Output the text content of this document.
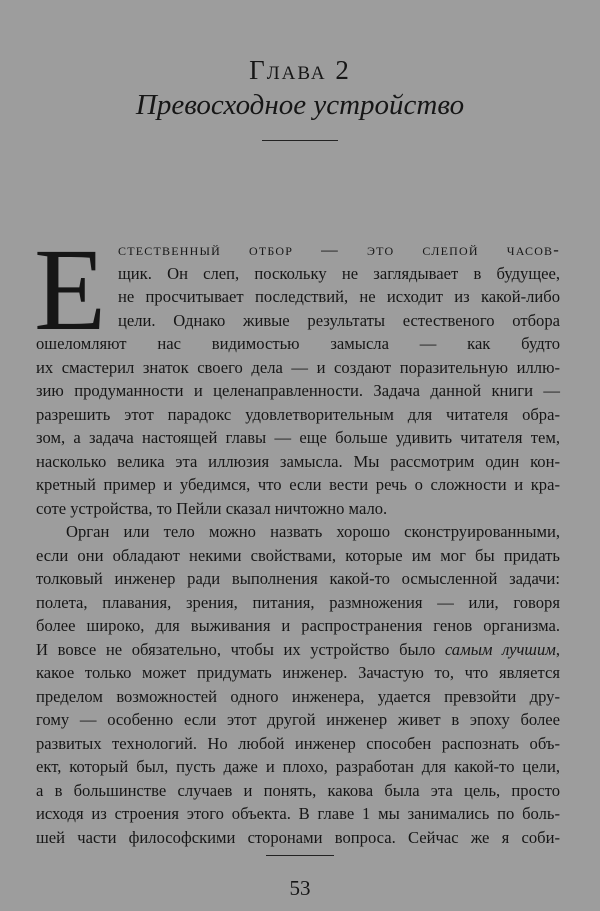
Глава 2
Превосходное устройство
Е стественный отбор — это слепой часов-
щик. Он слеп, поскольку не заглядывает в будущее,
не просчитывает последствий, не исходит из какой-либо
цели. Однако живые результаты естественого отбора
ошеломляют нас видимостью замысла — как будто
их смастерил знаток своего дела — и создают поразительную иллю-
зию продуманности и целенаправленности. Задача данной книги —
разрешить этот парадокс удовлетворительным для читателя обра-
зом, а задача настоящей главы — еще больше удивить читателя тем,
насколько велика эта иллюзия замысла. Мы рассмотрим один кон-
кретный пример и убедимся, что если вести речь о сложности и кра-
соте устройства, то Пейли сказал ничтожно мало.
Орган или тело можно назвать хорошо сконструированными,
если они обладают некими свойствами, которые им мог бы придать
толковый инженер ради выполнения какой-то осмысленной задачи:
полета, плавания, зрения, питания, размножения — или, говоря
более широко, для выживания и распространения генов организма.
И вовсе не обязательно, чтобы их устройство было самым лучшим,
какое только может придумать инженер. Зачастую то, что является
пределом возможностей одного инженера, удается превзойти дру-
гому — особенно если этот другой инженер живет в эпоху более
развитых технологий. Но любой инженер способен распознать объ-
ект, который был, пусть даже и плохо, разработан для какой-то цели,
а в большинстве случаев и понять, какова была эта цель, просто
исходя из строения этого объекта. В главе 1 мы занимались по боль-
шей части философскими сторонами вопроса. Сейчас же я соби-
53
